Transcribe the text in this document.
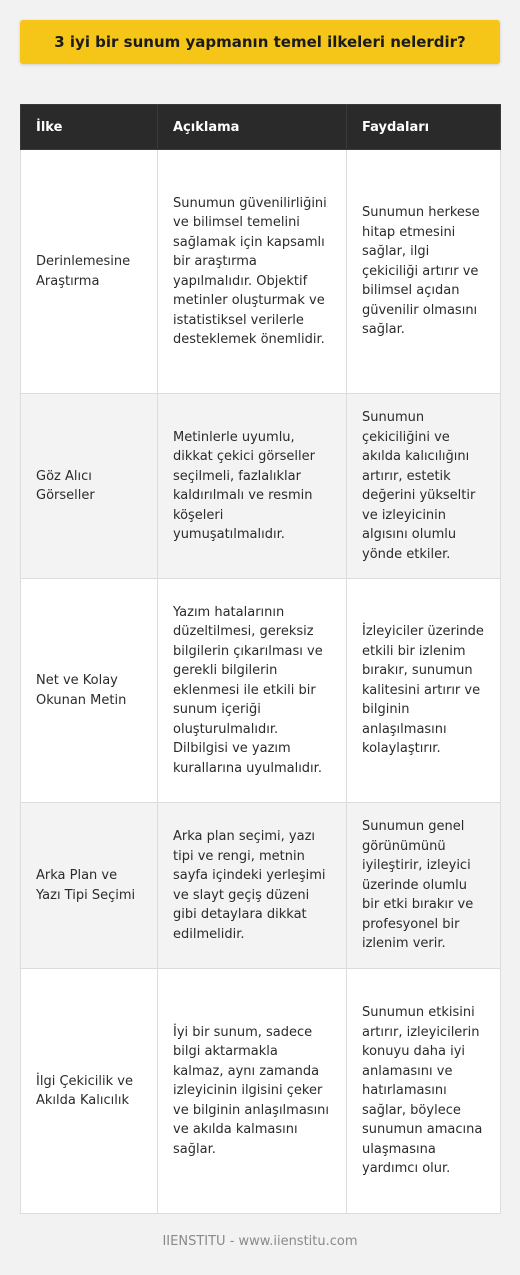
3 iyi bir sunum yapmanın temel ilkeleri nelerdir?
İlke	Açıklama	Faydaları
Derinlemesine Araştırma	Sunumun güvenilirliğini ve bilimsel temelini sağlamak için kapsamlı bir araştırma yapılmalıdır. Objektif metinler oluşturmak ve istatistiksel verilerle desteklemek önemlidir.	Sunumun herkese hitap etmesini sağlar, ilgi çekiciliği artırır ve bilimsel açıdan güvenilir olmasını sağlar.
Göz Alıcı Görseller	Metinlerle uyumlu, dikkat çekici görseller seçilmeli, fazlalıklar kaldırılmalı ve resmin köşeleri yumuşatılmalıdır.	Sunumun çekiciliğini ve akılda kalıcılığını artırır, estetik değerini yükseltir ve izleyicinin algısını olumlu yönde etkiler.
Net ve Kolay Okunan Metin	Yazım hatalarının düzeltilmesi, gereksiz bilgilerin çıkarılması ve gerekli bilgilerin eklenmesi ile etkili bir sunum içeriği oluşturulmalıdır. Dilbilgisi ve yazım kurallarına uyulmalıdır.	İzleyiciler üzerinde etkili bir izlenim bırakır, sunumun kalitesini artırır ve bilginin anlaşılmasını kolaylaştırır.
Arka Plan ve Yazı Tipi Seçimi	Arka plan seçimi, yazı tipi ve rengi, metnin sayfa içindeki yerleşimi ve slayt geçiş düzeni gibi detaylara dikkat edilmelidir.	Sunumun genel görünümünü iyileştirir, izleyici üzerinde olumlu bir etki bırakır ve profesyonel bir izlenim verir.
İlgi Çekicilik ve Akılda Kalıcılık	İyi bir sunum, sadece bilgi aktarmakla kalmaz, aynı zamanda izleyicinin ilgisini çeker ve bilginin anlaşılmasını ve akılda kalmasını sağlar.	Sunumun etkisini artırır, izleyicilerin konuyu daha iyi anlamasını ve hatırlamasını sağlar, böylece sunumun amacına ulaşmasına yardımcı olur.
IIENSTITU - www.iienstitu.com
